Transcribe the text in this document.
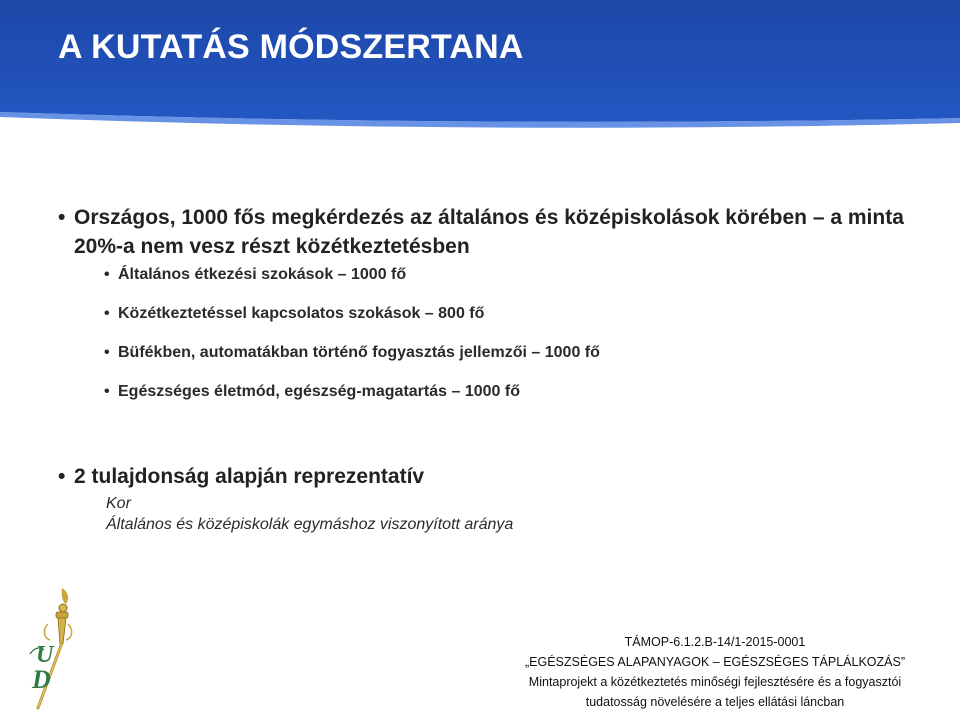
A KUTATÁS MÓDSZERTANA
• Országos, 1000 fős megkérdezés az általános és középiskolások körében – a minta 20%-a nem vesz részt közétkeztetésben
• Általános étkezési szokások – 1000 fő
• Közétkeztetéssel kapcsolatos szokások – 800 fő
• Büfékben, automatákban történő fogyasztás jellemzői – 1000 fő
• Egészséges életmód, egészség-magatartás – 1000 fő
• 2 tulajdonság alapján reprezentatív
Kor
Általános és középiskolák egymáshoz viszonyított aránya
U
D
TÁMOP-6.1.2.B-14/1-2015-0001
„EGÉSZSÉGES ALAPANYAGOK – EGÉSZSÉGES TÁPLÁLKOZÁS”
Mintaprojekt a közétkeztetés minőségi fejlesztésére és a fogyasztói
tudatosság növelésére a teljes ellátási láncban
